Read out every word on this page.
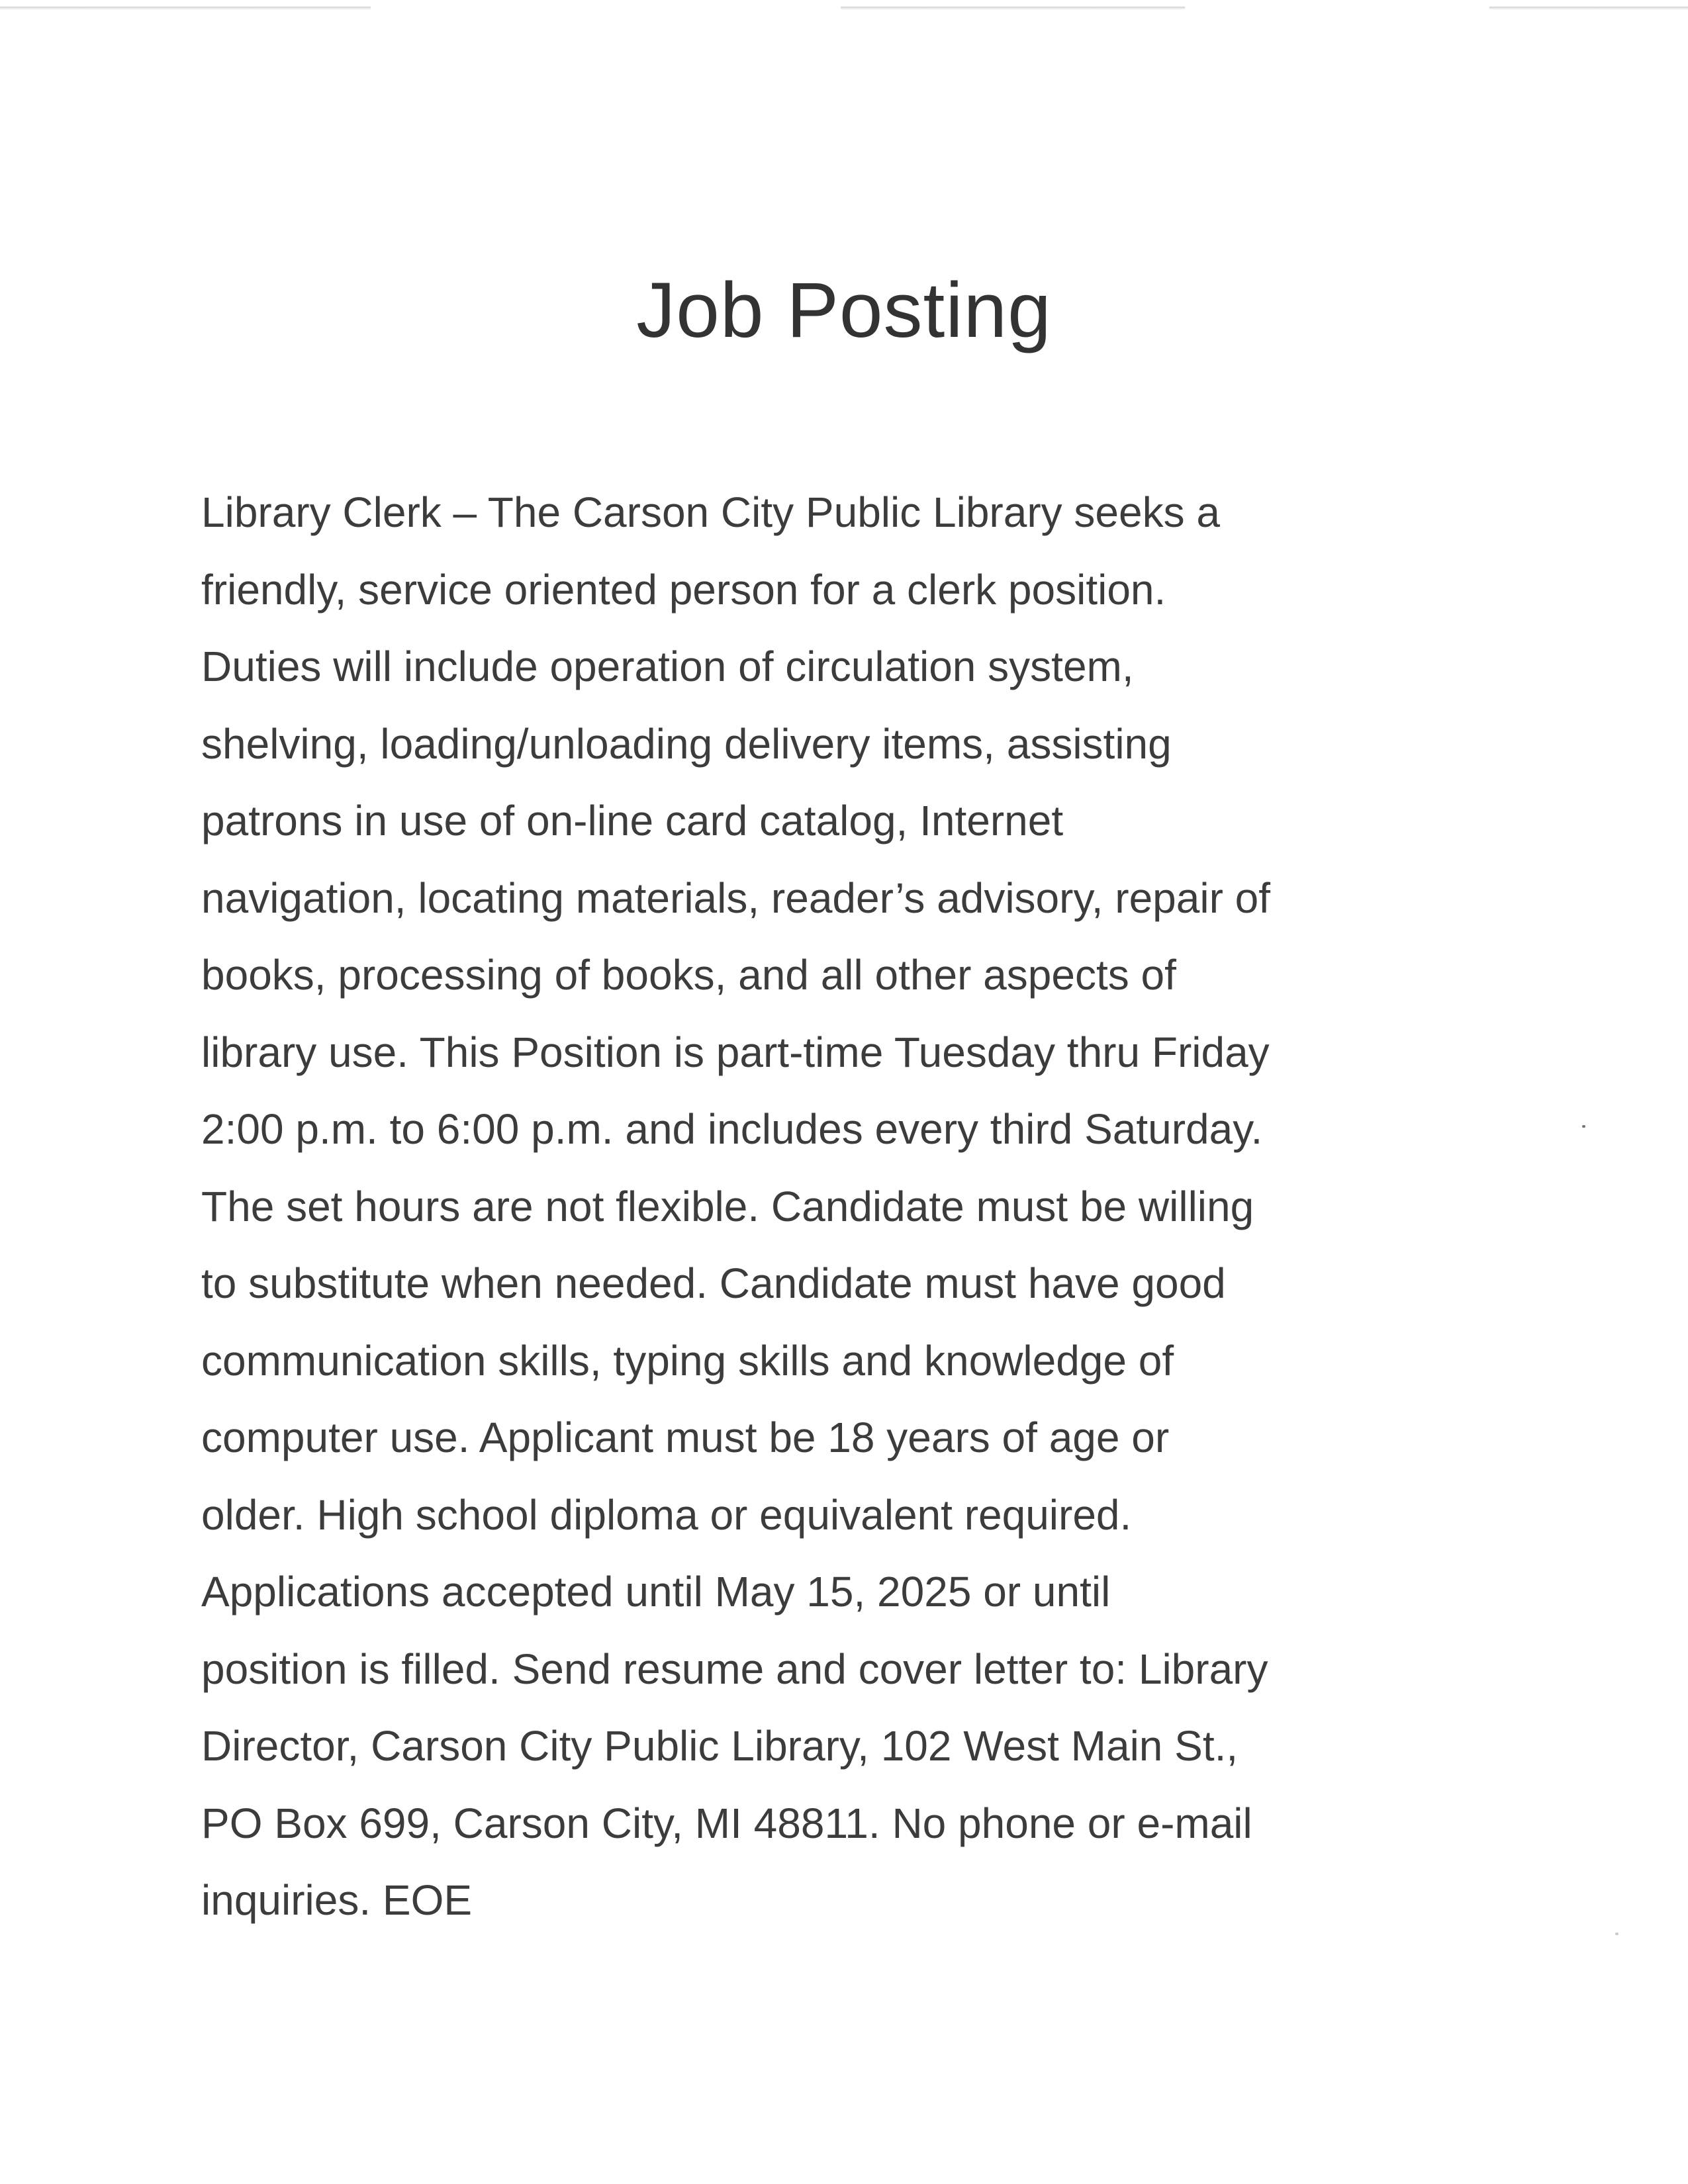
Job Posting
Library Clerk – The Carson City Public Library seeks a
friendly, service oriented person for a clerk position.
Duties will include operation of circulation system,
shelving, loading/unloading delivery items, assisting
patrons in use of on-line card catalog, Internet
navigation, locating materials, reader’s advisory, repair of
books, processing of books, and all other aspects of
library use. This Position is part-time Tuesday thru Friday
2:00 p.m. to 6:00 p.m. and includes every third Saturday.
The set hours are not flexible. Candidate must be willing
to substitute when needed. Candidate must have good
communication skills, typing skills and knowledge of
computer use. Applicant must be 18 years of age or
older. High school diploma or equivalent required.
Applications accepted until May 15, 2025 or until
position is filled. Send resume and cover letter to: Library
Director, Carson City Public Library, 102 West Main St.,
PO Box 699, Carson City, MI 48811. No phone or e-mail
inquiries. EOE
